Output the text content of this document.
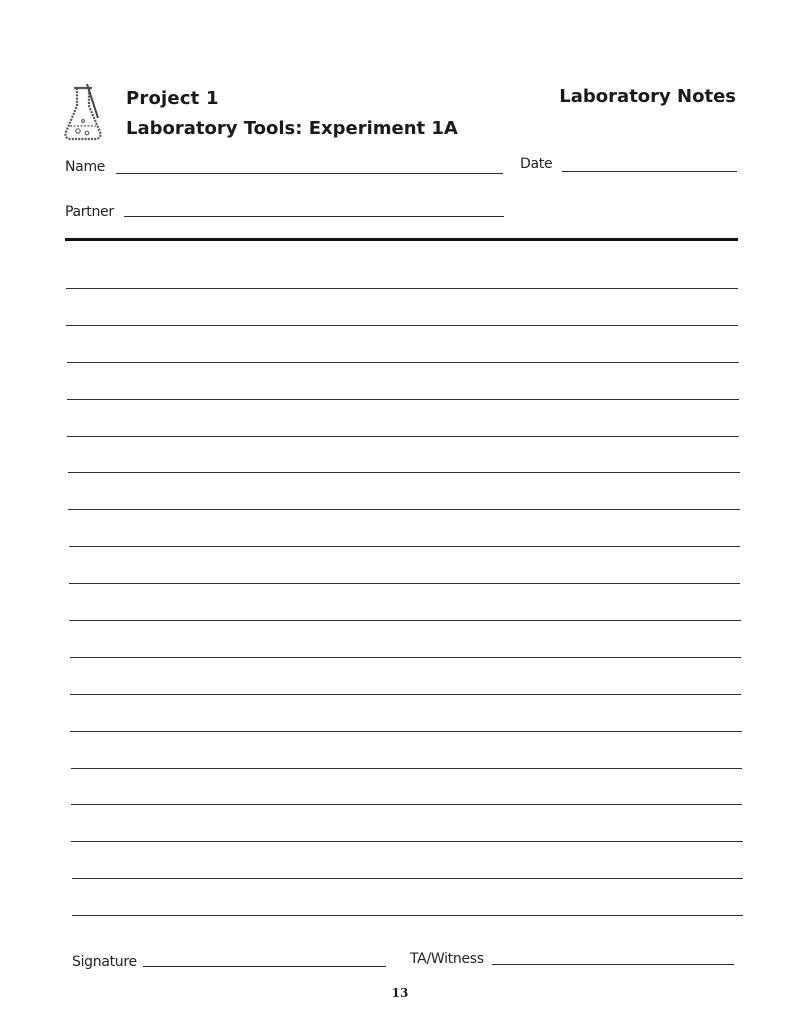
Project 1
Laboratory Tools: Experiment 1A
Laboratory Notes
Name	Date
Partner
Signature	TA/Witness
13
